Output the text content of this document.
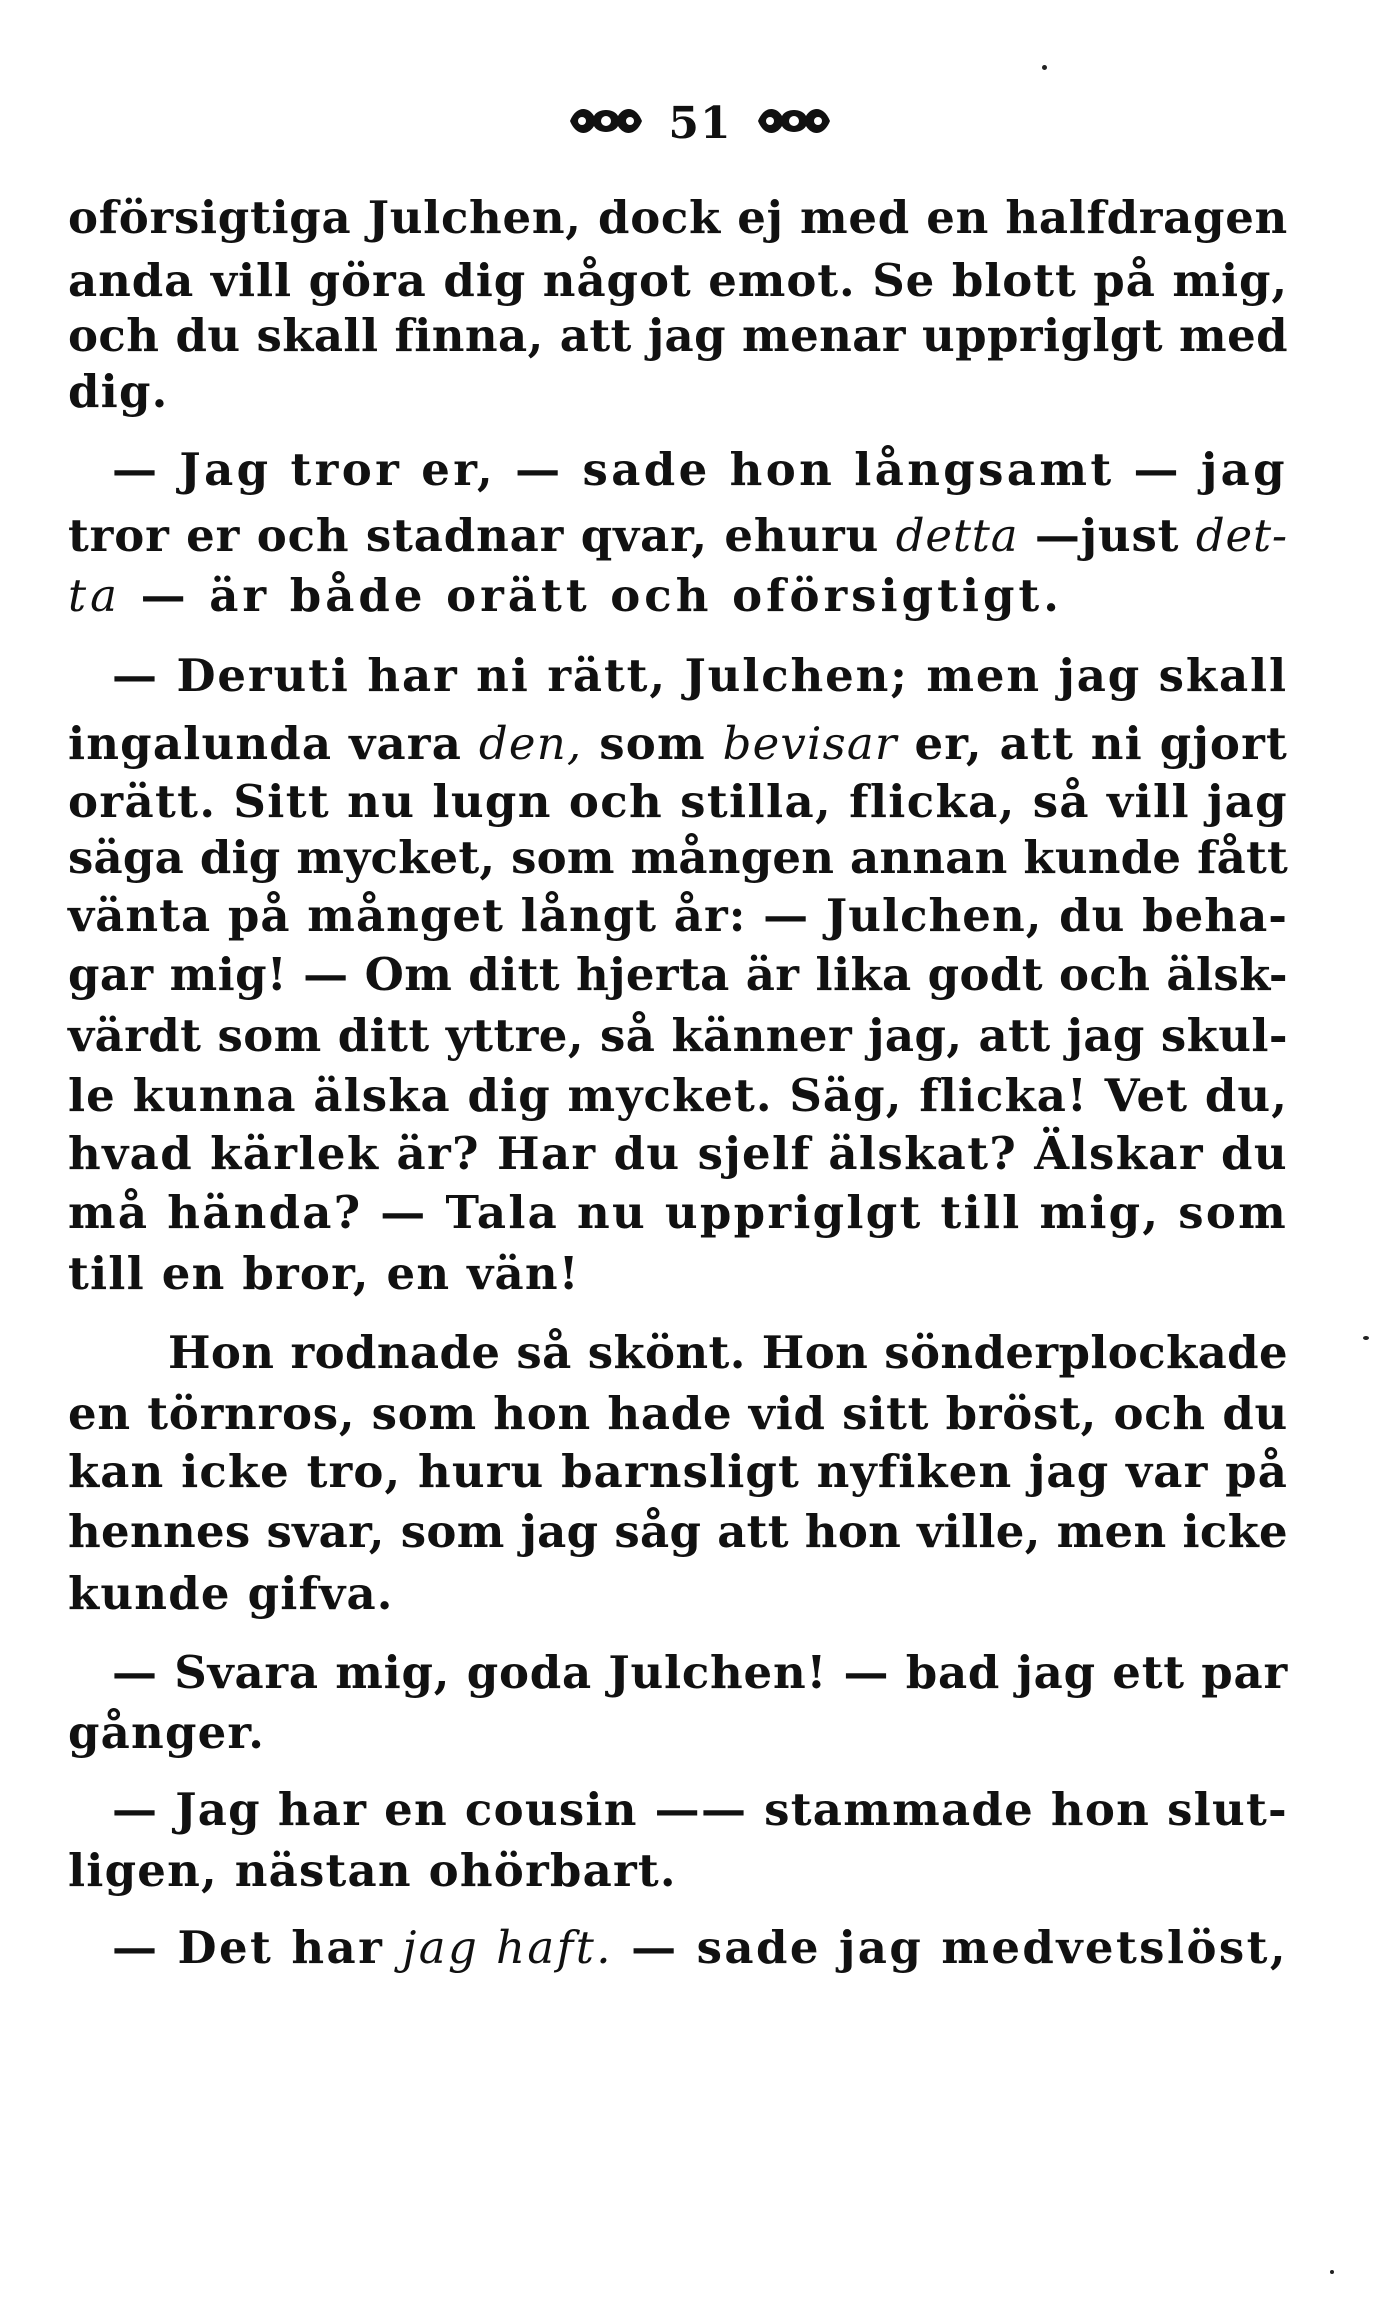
51
oförsigtiga Julchen, dock ej med en halfdragen
anda vill göra dig något emot. Se blott på mig,
och du skall finna, att jag menar uppriglgt med
dig.
— Jag tror er, — sade hon långsamt — jag
tror er och stadnar qvar, ehuru detta —just det-
ta — är både orätt och oförsigtigt.
— Deruti har ni rätt, Julchen; men jag skall
ingalunda vara den, som bevisar er, att ni gjort
orätt. Sitt nu lugn och stilla, flicka, så vill jag
säga dig mycket, som mången annan kunde fått
vänta på månget långt år: — Julchen, du beha-
gar mig! — Om ditt hjerta är lika godt och älsk-
värdt som ditt yttre, så känner jag, att jag skul-
le kunna älska dig mycket. Säg, flicka! Vet du,
hvad kärlek är? Har du sjelf älskat? Älskar du
må hända? — Tala nu uppriglgt till mig, som
till en bror, en vän!
Hon rodnade så skönt. Hon sönderplockade
en törnros, som hon hade vid sitt bröst, och du
kan icke tro, huru barnsligt nyfiken jag var på
hennes svar, som jag såg att hon ville, men icke
kunde gifva.
— Svara mig, goda Julchen! — bad jag ett par
gånger.
— Jag har en cousin —— stammade hon slut-
ligen, nästan ohörbart.
— Det har jag haft. — sade jag medvetslöst,
